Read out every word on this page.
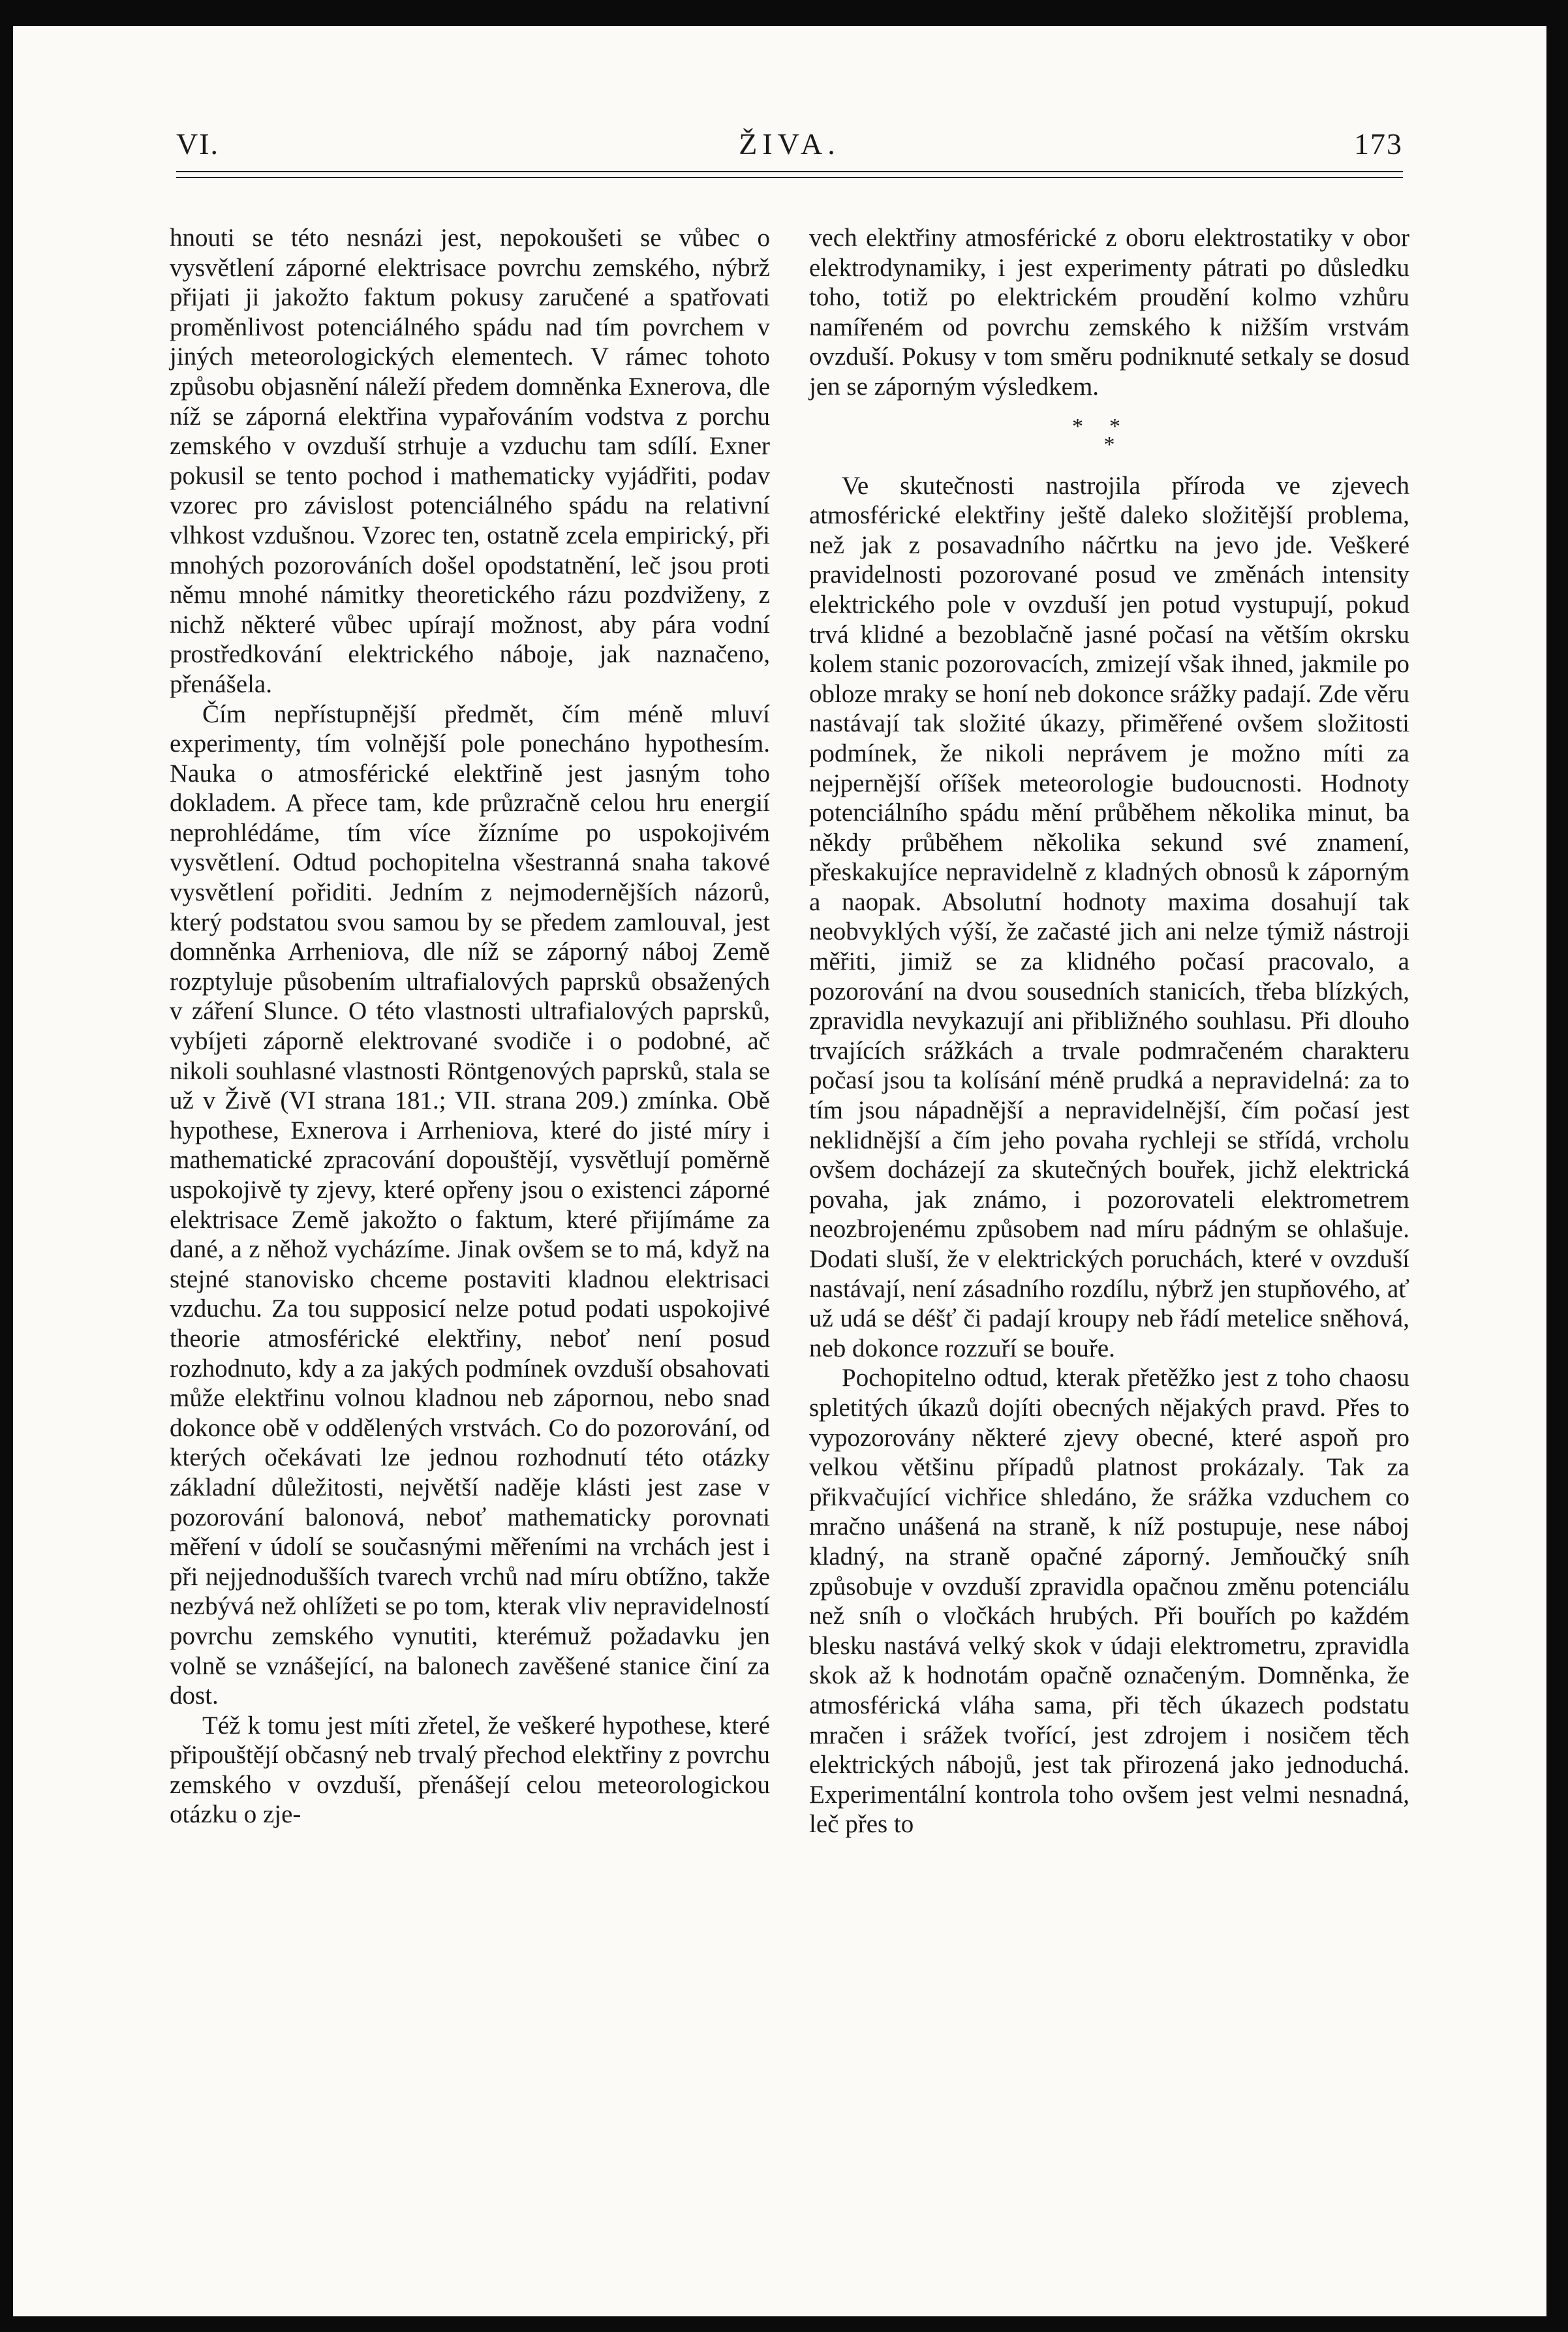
VI.	ŽIVA.	173

hnouti se této nesnázi jest, nepokoušeti se vůbec o vysvětlení záporné elektrisace povrchu zemského, nýbrž přijati ji jakožto faktum pokusy zaručené a spatřovati proměnlivost potenciálného spádu nad tím povrchem v jiných meteorologických elementech. V rámec tohoto způsobu objasnění náleží předem domněnka Exnerova, dle níž se záporná elektřina vypařováním vodstva z porchu zemského v ovzduší strhuje a vzduchu tam sdílí. Exner pokusil se tento pochod i mathematicky vyjádřiti, podav vzorec pro závislost potenciálného spádu na relativní vlhkost vzdušnou. Vzorec ten, ostatně zcela empirický, při mnohých pozorováních došel opodstatnění, leč jsou proti němu mnohé námitky theoretického rázu pozdviženy, z nichž některé vůbec upírají možnost, aby pára vodní prostředkování elektrického náboje, jak naznačeno, přenášela.

Čím nepřístupnější předmět, čím méně mluví experimenty, tím volnější pole ponecháno hypothesím. Nauka o atmosférické elektřině jest jasným toho dokladem. A přece tam, kde průzračně celou hru energií neprohlédáme, tím více žízníme po uspokojivém vysvětlení. Odtud pochopitelna všestranná snaha takové vysvětlení pořiditi. Jedním z nejmodernějších názorů, který podstatou svou samou by se předem zamlouval, jest domněnka Arrheniova, dle níž se záporný náboj Země rozptyluje působením ultrafialových paprsků obsažených v záření Slunce. O této vlastnosti ultrafialových paprsků, vybíjeti záporně elektrované svodiče i o podobné, ač nikoli souhlasné vlastnosti Röntgenových paprsků, stala se už v Živě (VI strana 181.; VII. strana 209.) zmínka. Obě hypothese, Exnerova i Arrheniova, které do jisté míry i mathematické zpracování dopouštějí, vysvětlují poměrně uspokojivě ty zjevy, které opřeny jsou o existenci záporné elektrisace Země jakožto o faktum, které přijímáme za dané, a z něhož vycházíme. Jinak ovšem se to má, když na stejné stanovisko chceme postaviti kladnou elektrisaci vzduchu. Za tou supposicí nelze potud podati uspokojivé theorie atmosférické elektřiny, neboť není posud rozhodnuto, kdy a za jakých podmínek ovzduší obsahovati může elektřinu volnou kladnou neb zápornou, nebo snad dokonce obě v oddělených vrstvách. Co do pozorování, od kterých očekávati lze jednou rozhodnutí této otázky základní důležitosti, největší naděje klásti jest zase v pozorování balonová, neboť mathematicky porovnati měření v údolí se současnými měřeními na vrchách jest i při nejjednodušších tvarech vrchů nad míru obtížno, takže nezbývá než ohlížeti se po tom, kterak vliv nepravidelností povrchu zemského vynutiti, kterémuž požadavku jen volně se vznášející, na balonech zavěšené stanice činí za dost.

Též k tomu jest míti zřetel, že veškeré hypothese, které připouštějí občasný neb trvalý přechod elektřiny z povrchu zemského v ovzduší, přenášejí celou meteorologickou otázku o zje-

vech elektřiny atmosférické z oboru elektrostatiky v obor elektrodynamiky, i jest experimenty pátrati po důsledku toho, totiž po elektrickém proudění kolmo vzhůru namířeném od povrchu zemského k nižším vrstvám ovzduší. Pokusy v tom směru podniknuté setkaly se dosud jen se záporným výsledkem.

**
*

Ve skutečnosti nastrojila příroda ve zjevech atmosférické elektřiny ještě daleko složitější problema, než jak z posavadního náčrtku na jevo jde. Veškeré pravidelnosti pozorované posud ve změnách intensity elektrického pole v ovzduší jen potud vystupují, pokud trvá klidné a bezoblačně jasné počasí na větším okrsku kolem stanic pozorovacích, zmizejí však ihned, jakmile po obloze mraky se honí neb dokonce srážky padají. Zde věru nastávají tak složité úkazy, přiměřené ovšem složitosti podmínek, že nikoli neprávem je možno míti za nejpernější oříšek meteorologie budoucnosti. Hodnoty potenciálního spádu mění průběhem několika minut, ba někdy průběhem několika sekund své znamení, přeskakujíce nepravidelně z kladných obnosů k záporným a naopak. Absolutní hodnoty maxima dosahují tak neobvyklých výší, že začasté jich ani nelze týmiž nástroji měřiti, jimiž se za klidného počasí pracovalo, a pozorování na dvou sousedních stanicích, třeba blízkých, zpravidla nevykazují ani přibližného souhlasu. Při dlouho trvajících srážkách a trvale podmračeném charakteru počasí jsou ta kolísání méně prudká a nepravidelná: za to tím jsou nápadnější a nepravidelnější, čím počasí jest neklidnější a čím jeho povaha rychleji se střídá, vrcholu ovšem docházejí za skutečných bouřek, jichž elektrická povaha, jak známo, i pozorovateli elektrometrem neozbrojenému způsobem nad míru pádným se ohlašuje. Dodati sluší, že v elektrických poruchách, které v ovzduší nastávají, není zásadního rozdílu, nýbrž jen stupňového, ať už udá se déšť či padají kroupy neb řádí metelice sněhová, neb dokonce rozzuří se bouře.

Pochopitelno odtud, kterak přetěžko jest z toho chaosu spletitých úkazů dojíti obecných nějakých pravd. Přes to vypozorovány některé zjevy obecné, které aspoň pro velkou většinu případů platnost prokázaly. Tak za přikvačující vichřice shledáno, že srážka vzduchem co mračno unášená na straně, k níž postupuje, nese náboj kladný, na straně opačné záporný. Jemňoučký sníh způsobuje v ovzduší zpravidla opačnou změnu potenciálu než sníh o vločkách hrubých. Při bouřích po každém blesku nastává velký skok v údaji elektrometru, zpravidla skok až k hodnotám opačně označeným. Domněnka, že atmosférická vláha sama, při těch úkazech podstatu mračen i srážek tvořící, jest zdrojem i nosičem těch elektrických nábojů, jest tak přirozená jako jednoduchá. Experimentální kontrola toho ovšem jest velmi nesnadná, leč přes to
